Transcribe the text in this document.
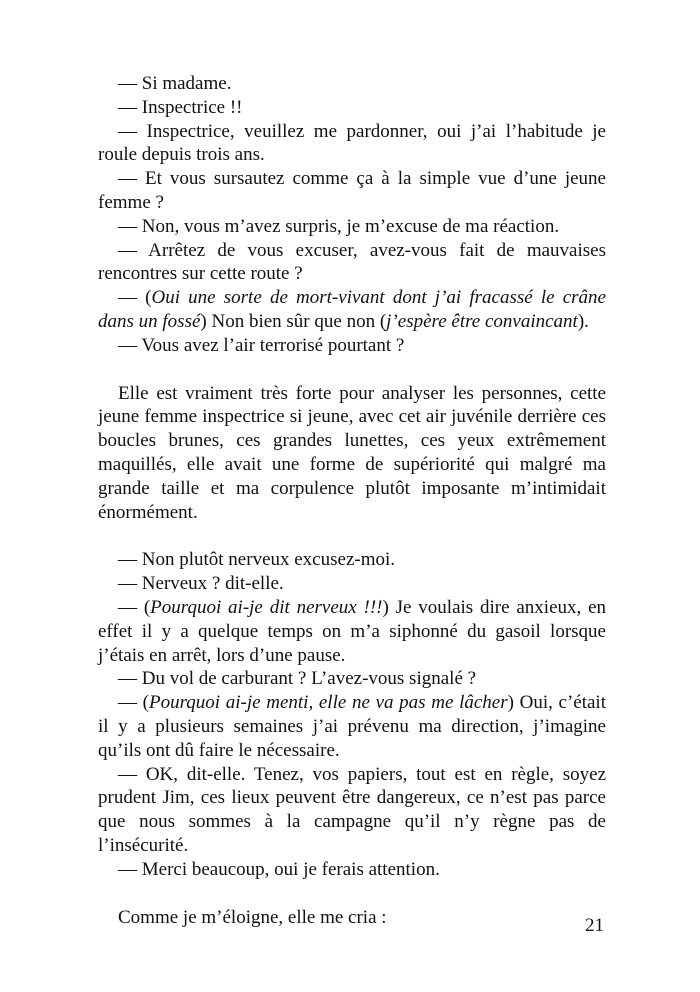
— Si madame.

— Inspectrice !!

— Inspectrice, veuillez me pardonner, oui j’ai l’habitude je roule depuis trois ans.

— Et vous sursautez comme ça à la simple vue d’une jeune femme ?

— Non, vous m’avez surpris, je m’excuse de ma réaction.

— Arrêtez de vous excuser, avez-vous fait de mauvaises rencontres sur cette route ?

— (Oui une sorte de mort-vivant dont j’ai fracassé le crâne dans un fossé) Non bien sûr que non (j’espère être convaincant).

— Vous avez l’air terrorisé pourtant ?

Elle est vraiment très forte pour analyser les personnes, cette jeune femme inspectrice si jeune, avec cet air juvénile derrière ces boucles brunes, ces grandes lunettes, ces yeux extrêmement maquillés, elle avait une forme de supériorité qui malgré ma grande taille et ma corpulence plutôt imposante m’intimidait énormément.

— Non plutôt nerveux excusez-moi.

— Nerveux ? dit-elle.

— (Pourquoi ai-je dit nerveux !!!) Je voulais dire anxieux, en effet il y a quelque temps on m’a siphonné du gasoil lorsque j’étais en arrêt, lors d’une pause.

— Du vol de carburant ? L’avez-vous signalé ?

— (Pourquoi ai-je menti, elle ne va pas me lâcher) Oui, c’était il y a plusieurs semaines j’ai prévenu ma direction, j’imagine qu’ils ont dû faire le nécessaire.

— OK, dit-elle. Tenez, vos papiers, tout est en règle, soyez prudent Jim, ces lieux peuvent être dangereux, ce n’est pas parce que nous sommes à la campagne qu’il n’y règne pas de l’insécurité.

— Merci beaucoup, oui je ferais attention.

Comme je m’éloigne, elle me cria :	21
